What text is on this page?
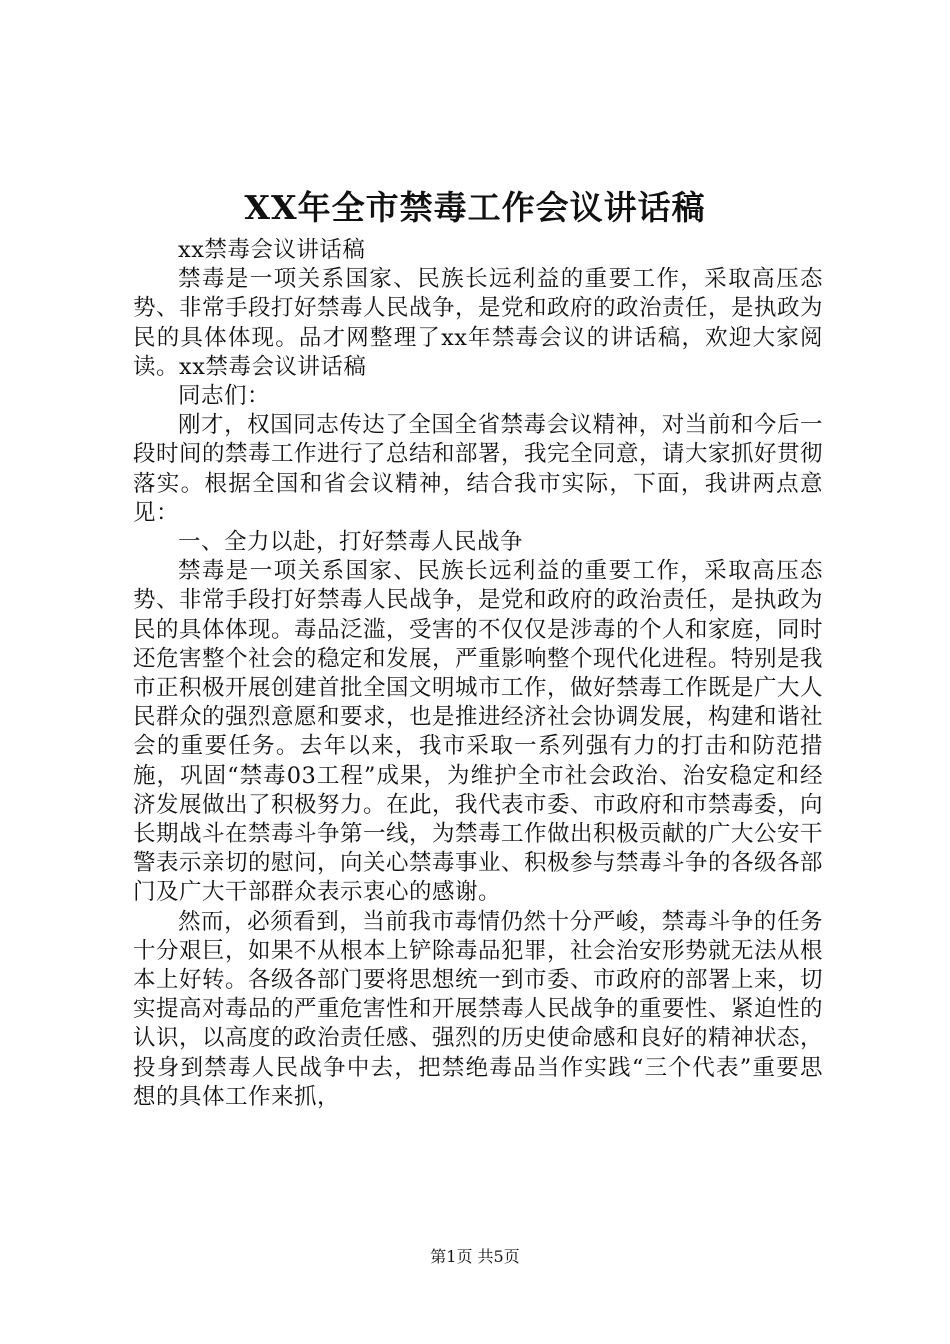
XX年全市禁毒工作会议讲话稿

xx禁毒会议讲话稿

禁毒是一项关系国家、民族长远利益的重要工作，采取高压态势、非常手段打好禁毒人民战争，是党和政府的政治责任，是执政为民的具体体现。品才网整理了xx年禁毒会议的讲话稿，欢迎大家阅读。xx禁毒会议讲话稿

同志们：

刚才，权国同志传达了全国全省禁毒会议精神，对当前和今后一段时间的禁毒工作进行了总结和部署，我完全同意，请大家抓好贯彻落实。根据全国和省会议精神，结合我市实际，下面，我讲两点意见：

一、全力以赴，打好禁毒人民战争

禁毒是一项关系国家、民族长远利益的重要工作，采取高压态势、非常手段打好禁毒人民战争，是党和政府的政治责任，是执政为民的具体体现。毒品泛滥，受害的不仅仅是涉毒的个人和家庭，同时还危害整个社会的稳定和发展，严重影响整个现代化进程。特别是我市正积极开展创建首批全国文明城市工作，做好禁毒工作既是广大人民群众的强烈意愿和要求，也是推进经济社会协调发展，构建和谐社会的重要任务。去年以来，我市采取一系列强有力的打击和防范措施，巩固“禁毒03工程”成果，为维护全市社会政治、治安稳定和经济发展做出了积极努力。在此，我代表市委、市政府和市禁毒委，向长期战斗在禁毒斗争第一线，为禁毒工作做出积极贡献的广大公安干警表示亲切的慰问，向关心禁毒事业、积极参与禁毒斗争的各级各部门及广大干部群众表示衷心的感谢。

然而，必须看到，当前我市毒情仍然十分严峻，禁毒斗争的任务十分艰巨，如果不从根本上铲除毒品犯罪，社会治安形势就无法从根本上好转。各级各部门要将思想统一到市委、市政府的部署上来，切实提高对毒品的严重危害性和开展禁毒人民战争的重要性、紧迫性的认识，以高度的政治责任感、强烈的历史使命感和良好的精神状态，投身到禁毒人民战争中去，把禁绝毒品当作实践“三个代表”重要思想的具体工作来抓，

第1页 共5页
